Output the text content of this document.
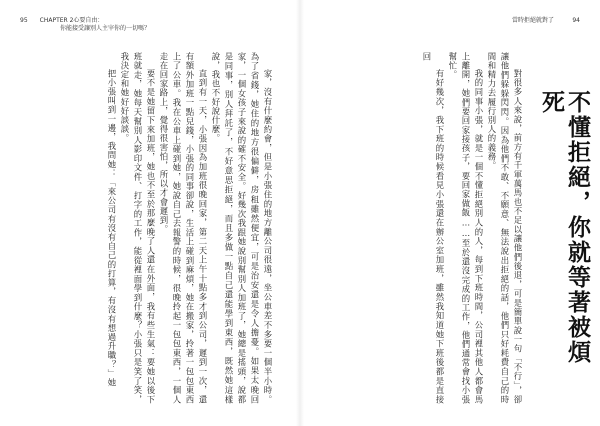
95 CHAPTER 2心要自由：
你能接受讓別人主宰你的一切嗎？

家，沒有什麼約會，但是小張住的地方離公司很遠，坐公車差不多要一個半小時。為了省錢，她住的地方很偏僻，房租雖然便宜，可是治安還是令人擔憂。如果太晚回家，一個女孩子來說的確不安全。好幾次我跟她說別幫別人加班了，她總是搖頭，說都是同事，別人拜託了，不好意思拒絕，而且多做一點自己還能學到東西，既然她這樣說，我也不好說什麼。

直到有一天，小張因為加班很晚回家，第二天上午十點多才到公司，遲到一次，還有額外加班一點兒錢，小張的同事卻說，生活上碰到麻煩，她在搬家，拎著一包包東西上了公車。我在公車上碰到她，她說自己去報警的時候，很晚拎起一包包東西，一個人走在回家路上，覺得很害怕，所以才會遲到。

要不是她留下來加班，她也不至於那麼晚了人還在外面，我有些生氣：要她以後下班就走，她每天幫別人影印文件、打字的工作，能從裡面學到什麼？小張只是笑了笑，我決定和她好好談談。

把小張叫到一邊，我問她：「來公司有沒有自己的打算，有沒有想過升職？」她

當時拒絕就對了	94
不懂拒絕，你就等著被煩死

對很多人來說，前方有千軍萬馬也不足以讓他們後退，可是簡單說一句「不行」，卻讓他們躲躲閃閃。因為他們不敢、不願意、無法說出拒絕的話，他們只好耗費自己的時間和精力去履行別人的義務。

我的同事小張，就是一個不懂拒絕別人的人，每到下班時間，公司裡其他人都會馬上離開，她們要回家接孩子，要回家做飯……至於還沒完成的工作，他們通常會找小張幫忙。

有好幾次，我下班的時候看見小張還在辦公室加班，雖然我知道她下班後都是直接回
